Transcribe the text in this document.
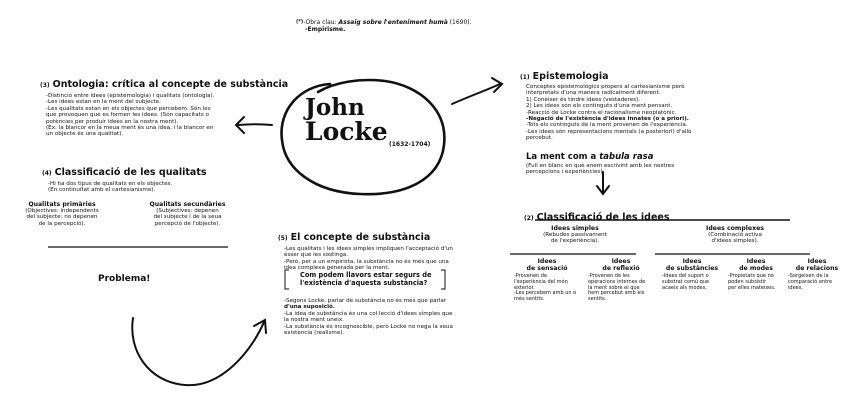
(*)-Obra clau: Assaig sobre l'enteniment humà (1690).
-Empirisme.
John
Locke (1632-1704)
(3) Ontologia: crítica al concepte de substància
-Distinció entre idees (epistemologia) i qualitats (ontologia).
-Les idees estan en la ment del subjecte.
-Les qualitats estan en els objectes que percebem. Són les
que provoquen que es formen les idees. (Són capacitats o
potències per produir idees en la nostra ment).
(Ex: la blancor en la meua ment és una idea, i la blancor en
un objecte és una qualitat).
(4) Classificació de les qualitats
-Hi ha dos tipus de qualitats en els objectes.
(En continuïtat amb el cartesianisme).
Qualitats primàries
(Objectives: independents
del subjecte: no depenen
de la percepció).
Qualitats secundàries
(Subjectives: depenen
del subjecte i de la seua
percepció de l'objecte).
Problema!
(1) Epistemologia
Conceptes epistemològics propers al cartesianisme però
interpretats d'una manera radicalment diferent.
1) Conèixer és tindre idees (vestaderes).
2) Les idees són els continguts d'una ment pensant.
-Reacció de Locke contra el racionalisme neoplatònic.
-Negació de l'existència d'idees innates (o a priori).
-Tots els continguts de la ment provenen de l'experiència.
-Les idees són representacions mentals (a posteriori) d'allò
percebut.
La ment com a tabula rasa
(Full en blanc en què anem escrivint amb les nostres
percepcions i experiències).
(2) Classificació de les idees
Idees simples
(Rebudes passivament
de l'experiència).
Idees complexes
(Combinació activa
d'idees simples).
Idees
de sensació
-Provenen de
l'experiència del món
exterior.
-Les percebem amb un o
més sentits.
Idees
de reflexió
-Provenen de les
operacions internes de
la ment sobre el que
hem percebut amb els
sentits.
Idees
de substàncies
-Idees del suport o
substrat comú que
acaeix als modes.
Idees
de modes
-Propietats que no
poden subsistir
per elles mateixes.
Idees
de relacions
-Sorgeixen de la
comparació entre
idees.
(5) El concepte de substància
-Les qualitats i les idees simples impliquen l'acceptació d'un
ésser que les sostinga.
-Però, per a un empirista, la substància no és més que una
idea complexa generada per la ment.
Com podem llavors estar segurs de
l'existència d'aquesta substància?
-Segons Locke, parlar de substància no és més que parlar
d'una suposició.
-La idea de substància és una col·lecció d'idees simples que
la nostra ment uneix.
-La substància és incognoscible, però Locke no nega la seua
existència (realisme).
